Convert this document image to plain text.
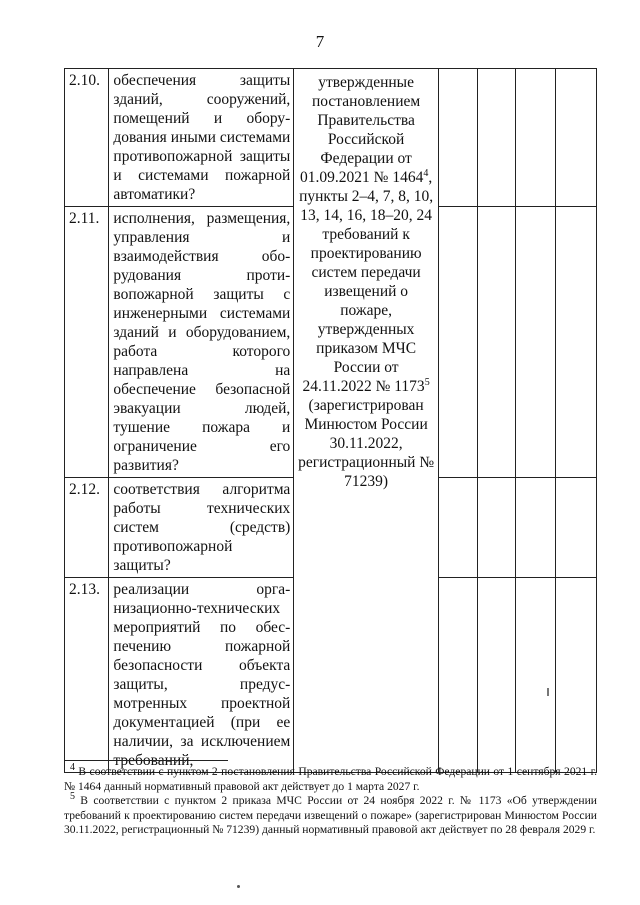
7
2.10.	обеспечения защиты зданий, сооружений, помещений и обору-дования иными системами противопожарной защиты и системами пожарной автоматики?	утвержденные постановлением Правительства Российской Федерации от 01.09.2021 № 1464$^4$, пункты 2–4, 7, 8, 10, 13, 14, 16, 18–20, 24 требований к проектированию систем передачи извещений о пожаре, утвержденных приказом МЧС России от 24.11.2022 № 1173$^5$ (зарегистрирован Минюстом России 30.11.2022, регистрационный № 71239)				

2.11.	исполнения, размещения, управления и взаимодействия обо-рудования проти-вопожарной защиты с инженерными системами зданий и оборудованием, работа которого направлена на обеспечение безопасной эвакуации людей, тушение пожара и ограничение его развития?					

2.12.	соответствия алгоритма работы технических систем (средств) противопожарной защиты?					

2.13.	реализации орга-низационно-технических мероприятий по обес-печению пожарной безопасности объекта защиты, предус-мотренных проектной документацией (при ее наличии, за исключением требований,					

$^4$ В соответствии с пунктом 2 постановления Правительства Российской Федерации от 1 сентября 2021 г. № 1464 данный нормативный правовой акт действует до 1 марта 2027 г.

$^5$ В соответствии с пунктом 2 приказа МЧС России от 24 ноября 2022 г. № 1173 «Об утверждении требований к проектированию систем передачи извещений о пожаре» (зарегистрирован Минюстом России 30.11.2022, регистрационный № 71239) данный нормативный правовой акт действует по 28 февраля 2029 г.
